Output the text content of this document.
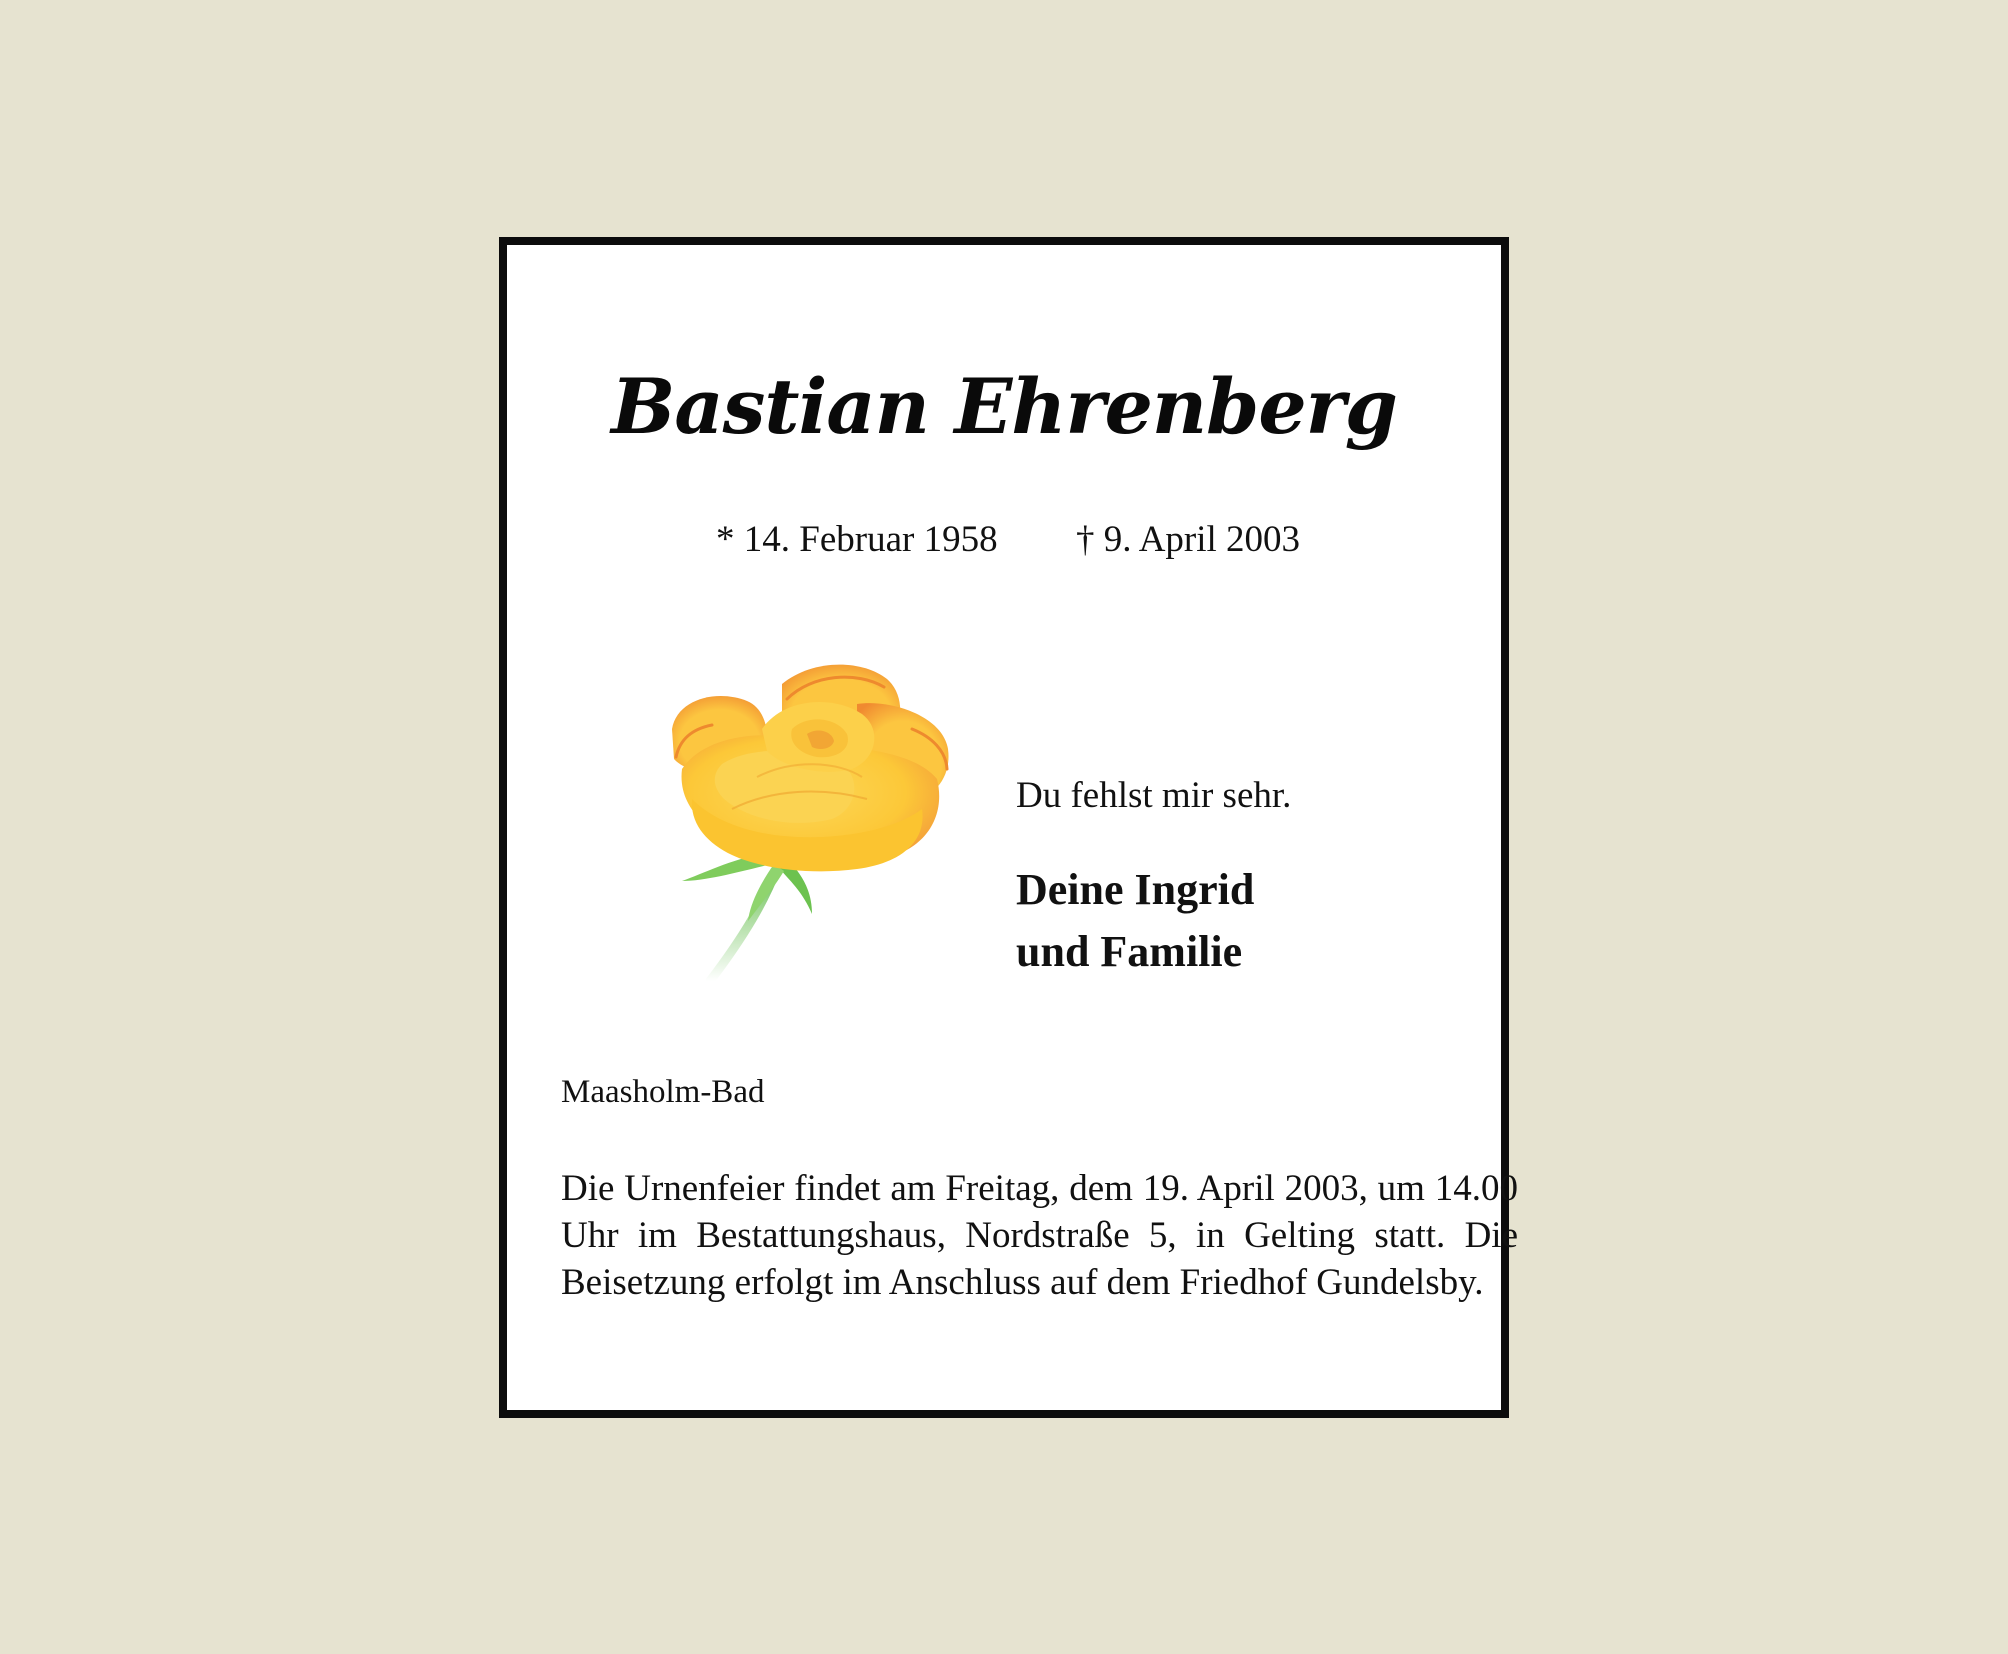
Bastian Ehrenberg
* 14. Februar 1958 † 9. April 2003
Du fehlst mir sehr.
Deine Ingrid
und Familie
Maasholm-Bad
Die Urnenfeier findet am Freitag, dem 19. April 2003, um 14.00 Uhr im Bestattungshaus, Nordstraße 5, in Gelting statt. Die Beisetzung erfolgt im Anschluss auf dem Friedhof Gundelsby.
